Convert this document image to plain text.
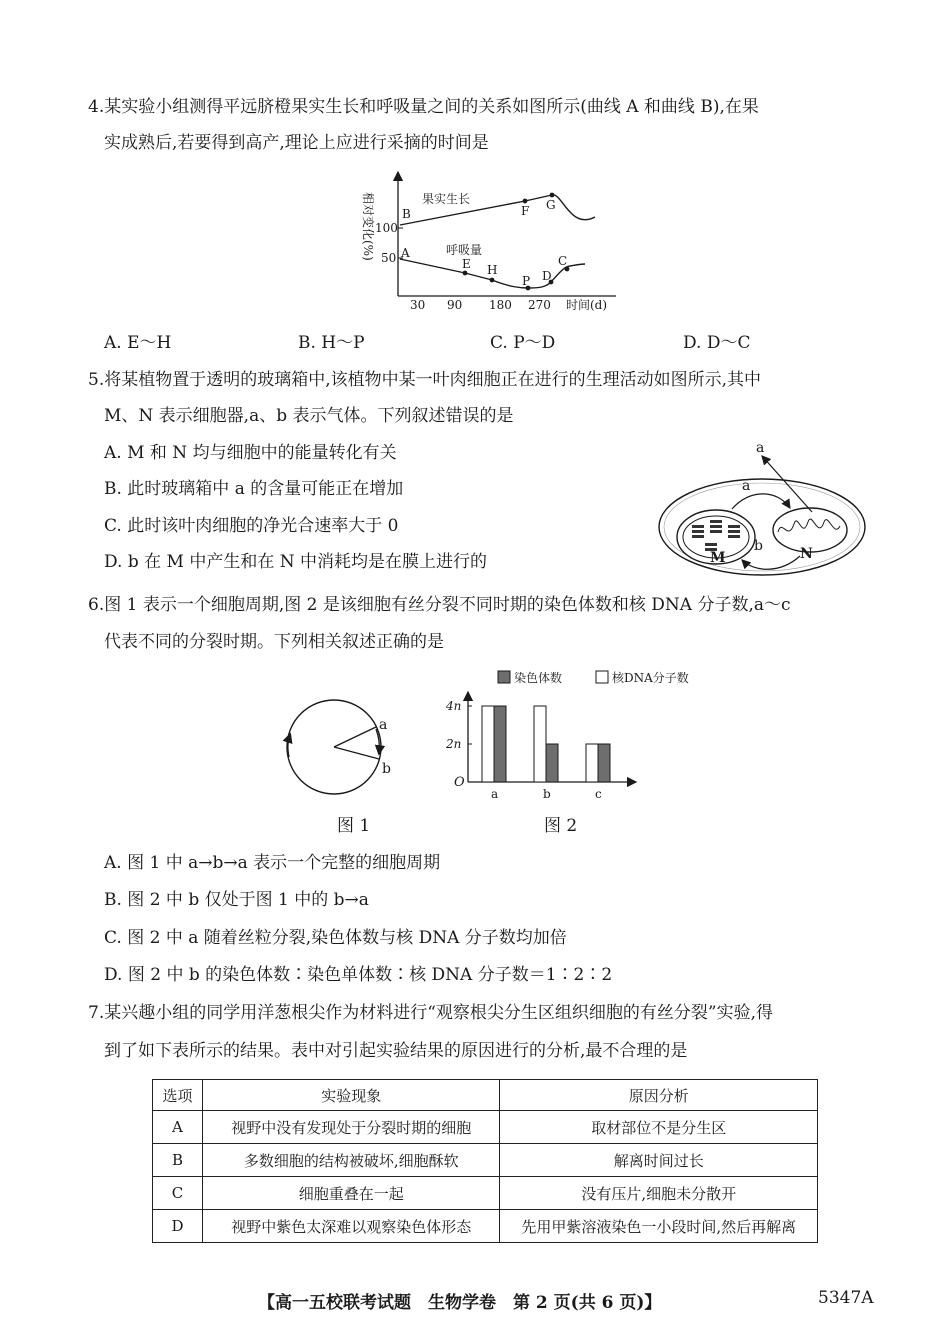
4.某实验小组测得平远脐橙果实生长和呼吸量之间的关系如图所示(曲线 A 和曲线 B),在果
实成熟后,若要得到高产,理论上应进行采摘的时间是
相对变化(%) 100
50
30 90 180 270 时间(d)
B
果实生长
F G
A	呼吸量
E H
P D
C
A. E～H	B. H～P	C. P～D	D. D～C
5.将某植物置于透明的玻璃箱中,该植物中某一叶肉细胞正在进行的生理活动如图所示,其中
M、N 表示细胞器,a、b 表示气体。下列叙述错误的是
A. M 和 N 均与细胞中的能量转化有关
B. 此时玻璃箱中 a 的含量可能正在增加
C. 此时该叶肉细胞的净光合速率大于 0
D. b 在 M 中产生和在 N 中消耗均是在膜上进行的
a
a
b
M	N
6.图 1 表示一个细胞周期,图 2 是该细胞有丝分裂不同时期的染色体数和核 DNA 分子数,a～c
代表不同的分裂时期。下列相关叙述正确的是
a
b
图 1
染色体数	核DNA分子数
O
4n
2n
a	b	c
图 2
A. 图 1 中 a→b→a 表示一个完整的细胞周期
B. 图 2 中 b 仅处于图 1 中的 b→a
C. 图 2 中 a 随着丝粒分裂,染色体数与核 DNA 分子数均加倍
D. 图 2 中 b 的染色体数∶染色单体数∶核 DNA 分子数＝1∶2∶2
7.某兴趣小组的同学用洋葱根尖作为材料进行“观察根尖分生区组织细胞的有丝分裂”实验,得
到了如下表所示的结果。表中对引起实验结果的原因进行的分析,最不合理的是
选项	实验现象	原因分析
A	视野中没有发现处于分裂时期的细胞	取材部位不是分生区
B	多数细胞的结构被破坏,细胞酥软	解离时间过长
C	细胞重叠在一起	没有压片,细胞未分散开
D	视野中紫色太深难以观察染色体形态	先用甲紫溶液染色一小段时间,然后再解离
【高一五校联考试题　生物学卷　第 2 页(共 6 页)】	5347A
